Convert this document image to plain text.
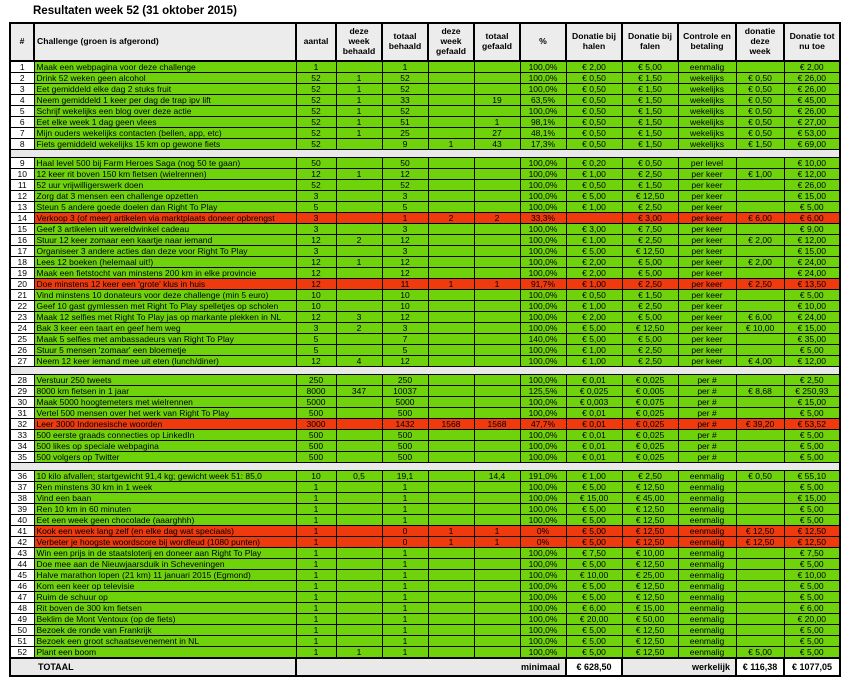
Resultaten week 52 (31 oktober 2015)
#	Challenge (groen is afgerond)	aantal	deze week behaald	totaal behaald	deze week gefaald	totaal gefaald	%	Donatie bij halen	Donatie bij falen	Controle en betaling	donatie deze week	Donatie tot nu toe
1	Maak een webpagina voor deze challenge	1		1			100,0%	€ 2,00	€ 5,00	eenmalig		€ 2,00
2	Drink 52 weken geen alcohol	52	1	52			100,0%	€ 0,50	€ 1,50	wekelijks	€ 0,50	€ 26,00
3	Eet gemiddeld elke dag 2 stuks fruit	52	1	52			100,0%	€ 0,50	€ 1,50	wekelijks	€ 0,50	€ 26,00
4	Neem gemiddeld 1 keer per dag de trap ipv lift	52	1	33		19	63,5%	€ 0,50	€ 1,50	wekelijks	€ 0,50	€ 45,00
5	Schrijf wekelijks een blog over deze actie	52	1	52			100,0%	€ 0,50	€ 1,50	wekelijks	€ 0,50	€ 26,00
6	Eet elke week 1 dag geen vlees	52	1	51		1	98,1%	€ 0,50	€ 1,50	wekelijks	€ 0,50	€ 27,00
7	Mijn ouders wekelijks contacten (bellen, app, etc)	52	1	25		27	48,1%	€ 0,50	€ 1,50	wekelijks	€ 0,50	€ 53,00
8	Fiets gemiddeld wekelijks 15 km op gewone fiets	52		9	1	43	17,3%	€ 0,50	€ 1,50	wekelijks	€ 1,50	€ 69,00

9	Haal level 500 bij Farm Heroes Saga (nog 50 te gaan)	50		50			100,0%	€ 0,20	€ 0,50	per level		€ 10,00
10	12 keer rit boven 150 km fietsen (wielrennen)	12	1	12			100,0%	€ 1,00	€ 2,50	per keer	€ 1,00	€ 12,00
11	52 uur vrijwilligerswerk doen	52		52			100,0%	€ 0,50	€ 1,50	per keer		€ 26,00
12	Zorg dat 3 mensen een challenge opzetten	3		3			100,0%	€ 5,00	€ 12,50	per keer		€ 15,00
13	Steun 5 andere goede doelen dan Right To Play	5		5			100,0%	€ 1,00	€ 2,50	per keer		€ 5,00
14	Verkoop 3 (of meer) artikelen via marktplaats doneer opbrengst	3		1	2	2	33,3%		€ 3,00	per keer	€ 6,00	€ 6,00
15	Geef 3 artikelen uit wereldwinkel cadeau	3		3			100,0%	€ 3,00	€ 7,50	per keer		€ 9,00
16	Stuur 12 keer zomaar een kaartje naar iemand	12	2	12			100,0%	€ 1,00	€ 2,50	per keer	€ 2,00	€ 12,00
17	Organiseer 3 andere acties dan deze voor Right To Play	3		3			100,0%	€ 5,00	€ 12,50	per keer		€ 15,00
18	Lees 12 boeken (helemaal uit!)	12	1	12			100,0%	€ 2,00	€ 5,00	per keer	€ 2,00	€ 24,00
19	Maak een fietstocht van minstens 200 km in elke provincie	12		12			100,0%	€ 2,00	€ 5,00	per keer		€ 24,00
20	Doe minstens 12 keer een 'grote' klus in huis	12		11	1	1	91,7%	€ 1,00	€ 2,50	per keer	€ 2,50	€ 13,50
21	Vind minstens 10 donateurs voor deze challenge (min 5 euro)	10		10			100,0%	€ 0,50	€ 1,50	per keer		€ 5,00
22	Geef 10 gast gymlessen met Right To Play spelletjes op scholen	10		10			100,0%	€ 1,00	€ 2,50	per keer		€ 10,00
23	Maak 12 selfies met Right To Play jas op markante plekken in NL	12	3	12			100,0%	€ 2,00	€ 5,00	per keer	€ 6,00	€ 24,00
24	Bak 3 keer een taart en geef hem weg	3	2	3			100,0%	€ 5,00	€ 12,50	per keer	€ 10,00	€ 15,00
25	Maak 5 selfies met ambassadeurs van Right To Play	5		7			140,0%	€ 5,00	€ 5,00	per keer		€ 35,00
26	Stuur 5 mensen 'zomaar' een bloemetje	5		5			100,0%	€ 1,00	€ 2,50	per keer		€ 5,00
27	Neem 12 keer iemand mee uit eten (lunch/diner)	12	4	12			100,0%	€ 1,00	€ 2,50	per keer	€ 4,00	€ 12,00

28	Verstuur 250 tweets	250		250			100,0%	€ 0,01	€ 0,025	per #		€ 2,50
29	8000 km fietsen in 1 jaar	8000	347	10037			125,5%	€ 0,025	€ 0,005	per #	€ 8,68	€ 250,93
30	Maak 5000 hoogtemeters met wielrennen	5000		5000			100,0%	€ 0,003	€ 0,075	per #		€ 15,00
31	Vertel 500 mensen over het werk van Right To Play	500		500			100,0%	€ 0,01	€ 0,025	per #		€ 5,00
32	Leer 3000 Indonesische woorden	3000		1432	1568	1568	47,7%	€ 0,01	€ 0,025	per #	€ 39,20	€ 53,52
33	500 eerste graads connecties op LinkedIn	500		500			100,0%	€ 0,01	€ 0,025	per #		€ 5,00
34	500 likes op speciale webpagina	500		500			100,0%	€ 0,01	€ 0,025	per #		€ 5,00
35	500 volgers op Twitter	500		500			100,0%	€ 0,01	€ 0,025	per #		€ 5,00

36	10 kilo afvallen; startgewicht 91,4 kg; gewicht week 51: 85,0	10	0,5	19,1		14,4	191,0%	€ 1,00	€ 2,50	eenmalig	€ 0,50	€ 55,10
37	Ren minstens 30 km in 1 week	1		1			100,0%	€ 5,00	€ 12,50	eenmalig		€ 5,00
38	Vind een baan	1		1			100,0%	€ 15,00	€ 45,00	eenmalig		€ 15,00
39	Ren 10 km in 60 minuten	1		1			100,0%	€ 5,00	€ 12,50	eenmalig		€ 5,00
40	Eet een week geen chocolade (aaarghhh)	1		1			100,0%	€ 5,00	€ 12,50	eenmalig		€ 5,00
41	Kook een week lang zelf (en elke dag wat speciaals)	1		0	1	1	0%	€ 5,00	€ 12,50	eenmalig	€ 12,50	€ 12,50
42	Verbeter je hoogste woordscore bij wordfeud (1080 punten)	1		0	1	1	0%	€ 5,00	€ 12,50	eenmalig	€ 12,50	€ 12,50
43	Win een prijs in de staatsloterij en doneer aan Right To Play	1		1			100,0%	€ 7,50	€ 10,00	eenmalig		€ 7,50
44	Doe mee aan de Nieuwjaarsduik in Scheveningen	1		1			100,0%	€ 5,00	€ 12,50	eenmalig		€ 5,00
45	Halve marathon lopen (21 km) 11 januari 2015 (Egmond)	1		1			100,0%	€ 10,00	€ 25,00	eenmalig		€ 10,00
46	Kom een keer op televisie	1		1			100,0%	€ 5,00	€ 12,50	eenmalig		€ 5,00
47	Ruim de schuur op	1		1			100,0%	€ 5,00	€ 12,50	eenmalig		€ 5,00
48	Rit boven de 300 km fietsen	1		1			100,0%	€ 6,00	€ 15,00	eenmalig		€ 6,00
49	Beklim de Mont Ventoux (op de fiets)	1		1			100,0%	€ 20,00	€ 50,00	eenmalig		€ 20,00
50	Bezoek de ronde van Frankrijk	1		1			100,0%	€ 5,00	€ 12,50	eenmalig		€ 5,00
51	Bezoek een groot schaatsevenement in NL	1		1			100,0%	€ 5,00	€ 12,50	eenmalig		€ 5,00
52	Plant een boom	1	1	1			100,0%	€ 5,00	€ 12,50	eenmalig	€ 5,00	€ 5,00
TOTAAL		minimaal						€ 628,50	werkelijk		€ 116,38	€ 1077,05
